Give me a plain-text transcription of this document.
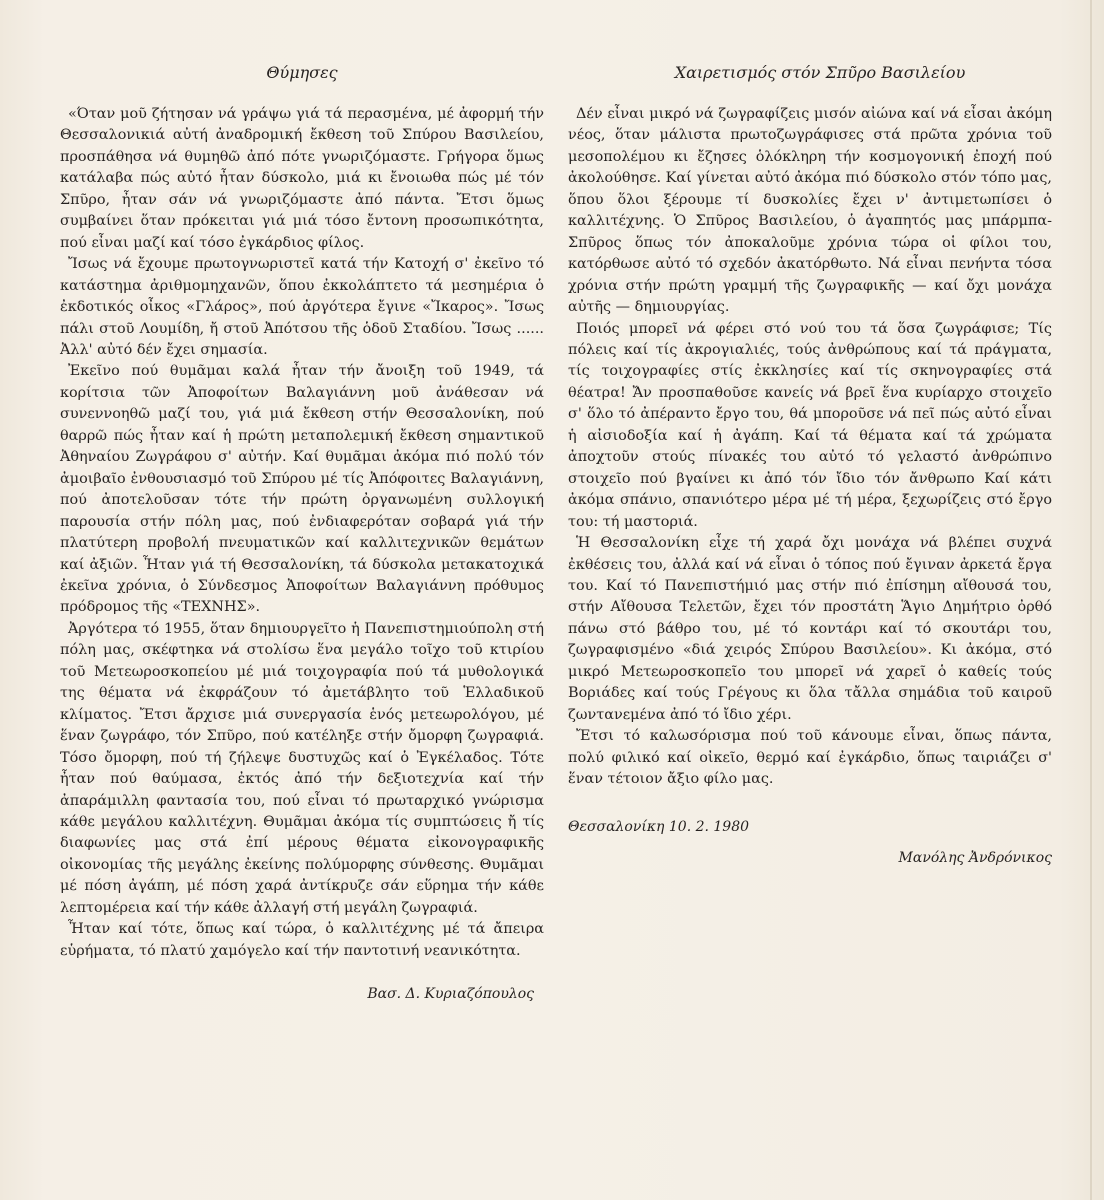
Θύμησες

«Όταν μοῦ ζήτησαν νά γράψω γιά τά περασμένα, μέ ἀφορμή τήν Θεσσαλονικιά αὐτή ἀναδρομική ἔκθεση τοῦ Σπύρου Βασιλείου, προσπάθησα νά θυμηθῶ ἀπό πότε γνωριζόμαστε. Γρήγορα ὅμως κατάλαβα πώς αὐτό ἦταν δύσκολο, μιά κι ἔνοιωθα πώς μέ τόν Σπῦρο, ἦταν σάν νά γνωριζόμαστε ἀπό πάντα. Ἔτσι ὅμως συμβαίνει ὅταν πρόκειται γιά μιά τόσο ἔντονη προσωπικότητα, πού εἶναι μαζί καί τόσο ἐγκάρδιος φίλος.

Ἴσως νά ἔχουμε πρωτογνωριστεῖ κατά τήν Κατοχή σ' ἐκεῖνο τό κατάστημα ἀριθμομηχανῶν, ὅπου ἐκκολάπτετο τά μεσημέρια ὁ ἐκδοτικός οἶκος «Γλάρος», πού ἀργότερα ἔγινε «Ἴκαρος». Ἴσως πάλι στοῦ Λουμίδη, ἤ στοῦ Ἀπότσου τῆς ὁδοῦ Σταδίου. Ἴσως ...... Ἀλλ' αὐτό δέν ἔχει σημασία.

Ἐκεῖνο πού θυμᾶμαι καλά ἦταν τήν ἄνοιξη τοῦ 1949, τά κορίτσια τῶν Ἀποφοίτων Βαλαγιάννη μοῦ ἀνάθεσαν νά συνεννοηθῶ μαζί του, γιά μιά ἔκθεση στήν Θεσσαλονίκη, πού θαρρῶ πώς ἦταν καί ἡ πρώτη μεταπολεμική ἔκθεση σημαντικοῦ Ἀθηναίου Ζωγράφου σ' αὐτήν. Καί θυμᾶμαι ἀκόμα πιό πολύ τόν ἀμοιβαῖο ἐνθουσιασμό τοῦ Σπύρου μέ τίς Ἀπόφοιτες Βαλαγιάννη, πού ἀποτελοῦσαν τότε τήν πρώτη ὀργανωμένη συλλογική παρουσία στήν πόλη μας, πού ἐνδιαφερόταν σοβαρά γιά τήν πλατύτερη προβολή πνευματικῶν καί καλλιτεχνικῶν θεμάτων καί ἀξιῶν. Ἦταν γιά τή Θεσσαλονίκη, τά δύσκολα μετακατοχικά ἐκεῖνα χρόνια, ὁ Σύνδεσμος Ἀποφοίτων Βαλαγιάννη πρόθυμος πρόδρομος τῆς «ΤΕΧΝΗΣ».

Ἀργότερα τό 1955, ὅταν δημιουργεῖτο ἡ Πανεπιστημιούπολη στή πόλη μας, σκέφτηκα νά στολίσω ἕνα μεγάλο τοῖχο τοῦ κτιρίου τοῦ Μετεωροσκοπείου μέ μιά τοιχογραφία πού τά μυθολογικά της θέματα νά ἐκφράζουν τό ἀμετάβλητο τοῦ Ἑλλαδικοῦ κλίματος. Ἔτσι ἄρχισε μιά συνεργασία ἑνός μετεωρολόγου, μέ ἕναν ζωγράφο, τόν Σπῦρο, πού κατέληξε στήν ὄμορφη ζωγραφιά. Τόσο ὄμορφη, πού τή ζήλεψε δυστυχῶς καί ὁ Ἐγκέλαδος. Τότε ἦταν πού θαύμασα, ἐκτός ἀπό τήν δεξιοτεχνία καί τήν ἀπαράμιλλη φαντασία του, πού εἶναι τό πρωταρχικό γνώρισμα κάθε μεγάλου καλλιτέχνη. Θυμᾶμαι ἀκόμα τίς συμπτώσεις ἤ τίς διαφωνίες μας στά ἐπί μέρους θέματα εἰκονογραφικῆς οἰκονομίας τῆς μεγάλης ἐκείνης πολύμορφης σύνθεσης. Θυμᾶμαι μέ πόση ἀγάπη, μέ πόση χαρά ἀντίκρυζε σάν εὕρημα τήν κάθε λεπτομέρεια καί τήν κάθε ἀλλαγή στή μεγάλη ζωγραφιά.

Ἦταν καί τότε, ὅπως καί τώρα, ὁ καλλιτέχνης μέ τά ἄπειρα εὑρήματα, τό πλατύ χαμόγελο καί τήν παντοτινή νεανικότητα.

Βασ. Δ. Κυριαζόπουλος
Χαιρετισμός στόν Σπῦρο Βασιλείου

Δέν εἶναι μικρό νά ζωγραφίζεις μισόν αἰώνα καί νά εἶσαι ἀκόμη νέος, ὅταν μάλιστα πρωτοζωγράφισες στά πρῶτα χρόνια τοῦ μεσοπολέμου κι ἔζησες ὁλόκληρη τήν κοσμογονική ἐποχή πού ἀκολούθησε. Καί γίνεται αὐτό ἀκόμα πιό δύσκολο στόν τόπο μας, ὅπου ὅλοι ξέρουμε τί δυσκολίες ἔχει ν' ἀντιμετωπίσει ὁ καλλιτέχνης. Ὁ Σπῦρος Βασιλείου, ὁ ἀγαπητός μας μπάρμπα-Σπῦρος ὅπως τόν ἀποκαλοῦμε χρόνια τώρα οἱ φίλοι του, κατόρθωσε αὐτό τό σχεδόν ἀκατόρθωτο. Νά εἶναι πενήντα τόσα χρόνια στήν πρώτη γραμμή τῆς ζωγραφικῆς — καί ὄχι μονάχα αὐτῆς — δημιουργίας.

Ποιός μπορεῖ νά φέρει στό νού του τά ὅσα ζωγράφισε; Τίς πόλεις καί τίς ἀκρογιαλιές, τούς ἀνθρώπους καί τά πράγματα, τίς τοιχογραφίες στίς ἐκκλησίες καί τίς σκηνογραφίες στά θέατρα! Ἄν προσπαθοῦσε κανείς νά βρεῖ ἕνα κυρίαρχο στοιχεῖο σ' ὅλο τό ἀπέραντο ἔργο του, θά μποροῦσε νά πεῖ πώς αὐτό εἶναι ἡ αἰσιοδοξία καί ἡ ἀγάπη. Καί τά θέματα καί τά χρώματα ἀποχτοῦν στούς πίνακές του αὐτό τό γελαστό ἀνθρώπινο στοιχεῖο πού βγαίνει κι ἀπό τόν ἴδιο τόν ἄνθρωπο Καί κάτι ἀκόμα σπάνιο, σπανιότερο μέρα μέ τή μέρα, ξεχωρίζεις στό ἔργο του: τή μαστοριά.

Ἡ Θεσσαλονίκη εἶχε τή χαρά ὄχι μονάχα νά βλέπει συχνά ἐκθέσεις του, ἀλλά καί νά εἶναι ὁ τόπος πού ἔγιναν ἀρκετά ἔργα του. Καί τό Πανεπιστήμιό μας στήν πιό ἐπίσημη αἴθουσά του, στήν Αἴθουσα Τελετῶν, ἔχει τόν προστάτη Ἅγιο Δημήτριο ὀρθό πάνω στό βάθρο του, μέ τό κοντάρι καί τό σκουτάρι του, ζωγραφισμένο «διά χειρός Σπύρου Βασιλείου». Κι ἀκόμα, στό μικρό Μετεωροσκοπεῖο του μπορεῖ νά χαρεῖ ὁ καθείς τούς Βοριάδες καί τούς Γρέγους κι ὅλα τἄλλα σημάδια τοῦ καιροῦ ζωντανεμένα ἀπό τό ἴδιο χέρι.

Ἔτσι τό καλωσόρισμα πού τοῦ κάνουμε εἶναι, ὅπως πάντα, πολύ φιλικό καί οἰκεῖο, θερμό καί ἐγκάρδιο, ὅπως ταιριάζει σ' ἕναν τέτοιον ἄξιο φίλο μας.

Θεσσαλονίκη 10. 2. 1980
Μανόλης Ἀνδρόνικος
